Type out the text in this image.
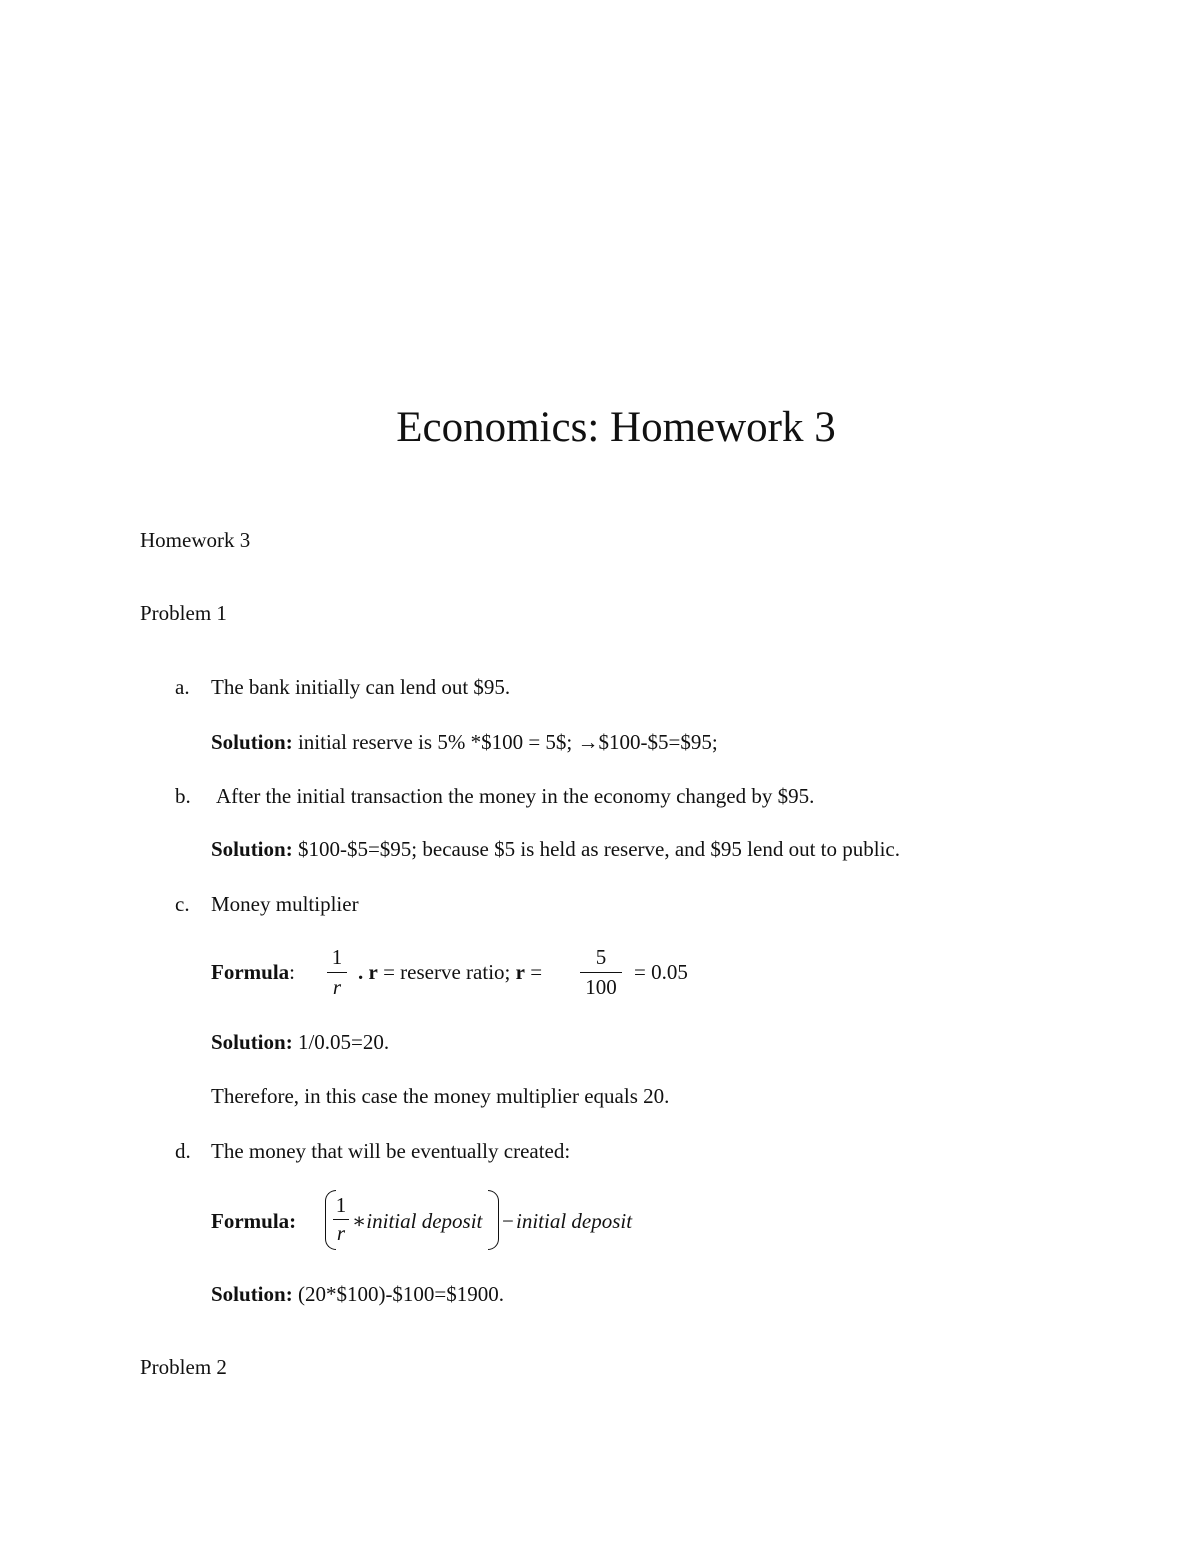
Economics: Homework 3
Homework 3
Problem 1
a. The bank initially can lend out $95.
Solution: initial reserve is 5% *$100 = 5$; →$100-$5=$95;
b. After the initial transaction the money in the economy changed by $95.
Solution: $100-$5=$95; because $5 is held as reserve, and $95 lend out to public.
c. Money multiplier
Formula:
1
r
. r = reserve ratio; r =
5
100
= 0.05
Solution: 1/0.05=20.
Therefore, in this case the money multiplier equals 20.
d. The money that will be eventually created:
Formula:
1
r ∗initial deposit − initial deposit
Solution: (20*$100)-$100=$1900.
Problem 2
